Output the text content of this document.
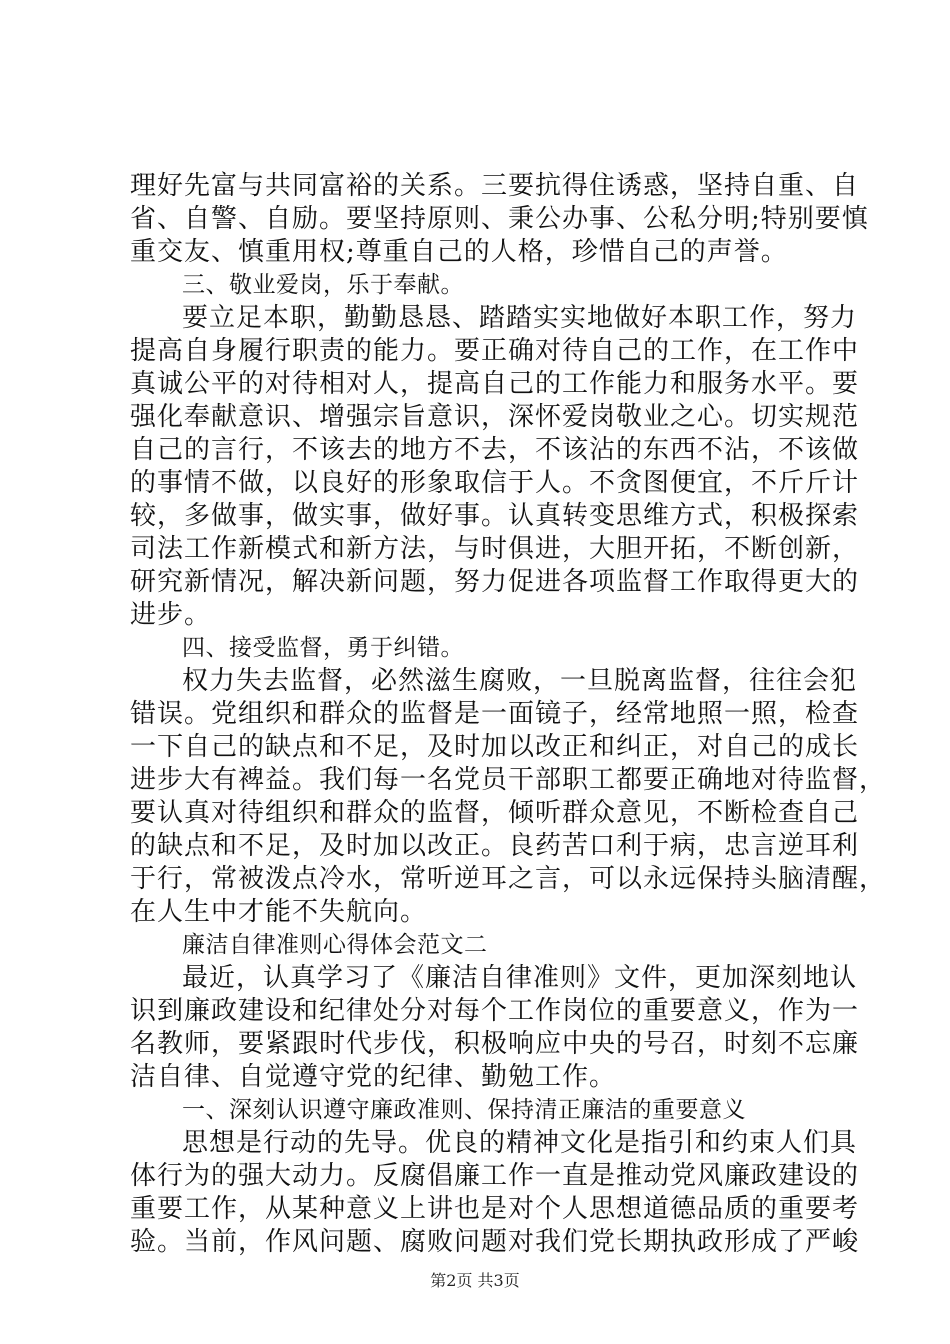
理好先富与共同富裕的关系。三要抗得住诱惑，坚持自重、自
省、自警、自励。要坚持原则、秉公办事、公私分明;特别要慎
重交友、慎重用权;尊重自己的人格，珍惜自己的声誉。
三、敬业爱岗，乐于奉献。
要立足本职，勤勤恳恳、踏踏实实地做好本职工作，努力
提高自身履行职责的能力。要正确对待自己的工作，在工作中
真诚公平的对待相对人，提高自己的工作能力和服务水平。要
强化奉献意识、增强宗旨意识，深怀爱岗敬业之心。切实规范
自己的言行，不该去的地方不去，不该沾的东西不沾，不该做
的事情不做，以良好的形象取信于人。不贪图便宜，不斤斤计
较，多做事，做实事，做好事。认真转变思维方式，积极探索
司法工作新模式和新方法，与时俱进，大胆开拓，不断创新，
研究新情况，解决新问题，努力促进各项监督工作取得更大的
进步。
四、接受监督，勇于纠错。
权力失去监督，必然滋生腐败，一旦脱离监督，往往会犯
错误。党组织和群众的监督是一面镜子，经常地照一照，检查
一下自己的缺点和不足，及时加以改正和纠正，对自己的成长
进步大有裨益。我们每一名党员干部职工都要正确地对待监督，
要认真对待组织和群众的监督，倾听群众意见，不断检查自己
的缺点和不足，及时加以改正。良药苦口利于病，忠言逆耳利
于行，常被泼点冷水，常听逆耳之言，可以永远保持头脑清醒，
在人生中才能不失航向。
廉洁自律准则心得体会范文二
最近，认真学习了《廉洁自律准则》文件，更加深刻地认
识到廉政建设和纪律处分对每个工作岗位的重要意义，作为一
名教师，要紧跟时代步伐，积极响应中央的号召，时刻不忘廉
洁自律、自觉遵守党的纪律、勤勉工作。
一、深刻认识遵守廉政准则、保持清正廉洁的重要意义
思想是行动的先导。优良的精神文化是指引和约束人们具
体行为的强大动力。反腐倡廉工作一直是推动党风廉政建设的
重要工作，从某种意义上讲也是对个人思想道德品质的重要考
验。当前，作风问题、腐败问题对我们党长期执政形成了严峻
第2页 共3页
